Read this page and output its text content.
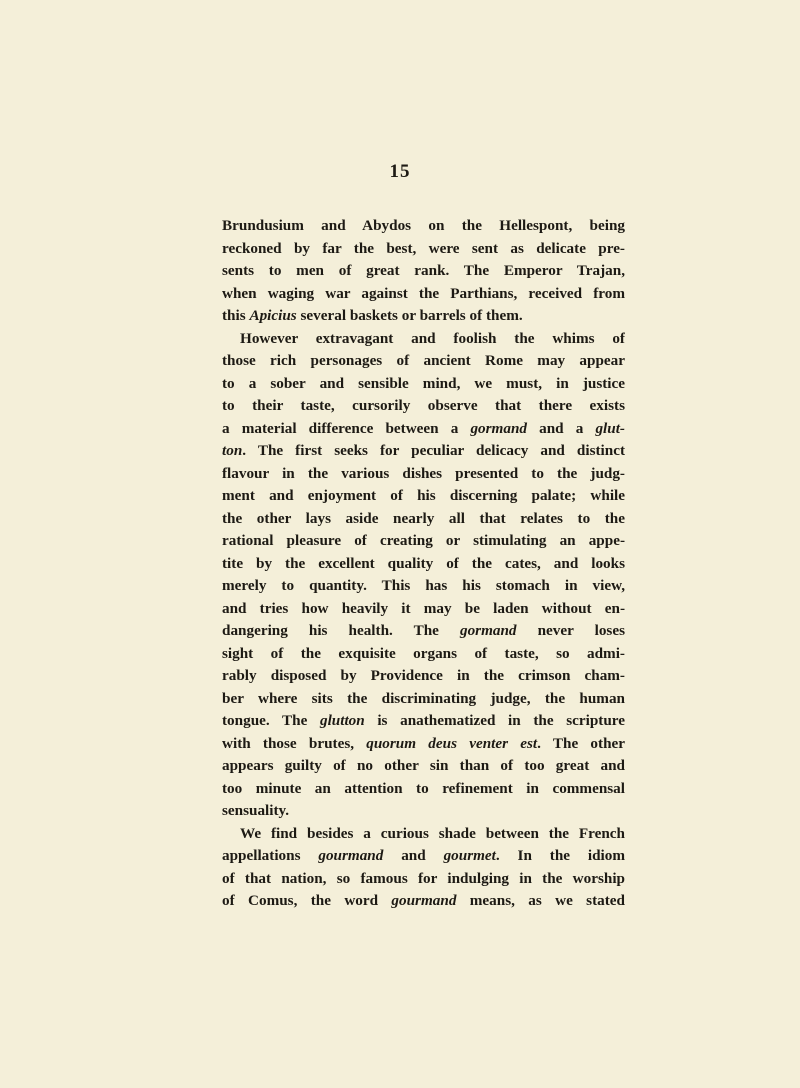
15
Brundusium and Abydos on the Hellespont, being
reckoned by far the best, were sent as delicate pre-
sents to men of great rank. The Emperor Trajan,
when waging war against the Parthians, received from
this Apicius several baskets or barrels of them.
However extravagant and foolish the whims of
those rich personages of ancient Rome may appear
to a sober and sensible mind, we must, in justice
to their taste, cursorily observe that there exists
a material difference between a gormand and a glut-
ton. The first seeks for peculiar delicacy and distinct
flavour in the various dishes presented to the judg-
ment and enjoyment of his discerning palate; while
the other lays aside nearly all that relates to the
rational pleasure of creating or stimulating an appe-
tite by the excellent quality of the cates, and looks
merely to quantity. This has his stomach in view,
and tries how heavily it may be laden without en-
dangering his health. The gormand never loses
sight of the exquisite organs of taste, so admi-
rably disposed by Providence in the crimson cham-
ber where sits the discriminating judge, the human
tongue. The glutton is anathematized in the scripture
with those brutes, quorum deus venter est. The other
appears guilty of no other sin than of too great and
too minute an attention to refinement in commensal
sensuality.
We find besides a curious shade between the French
appellations gourmand and gourmet. In the idiom
of that nation, so famous for indulging in the worship
of Comus, the word gourmand means, as we stated
